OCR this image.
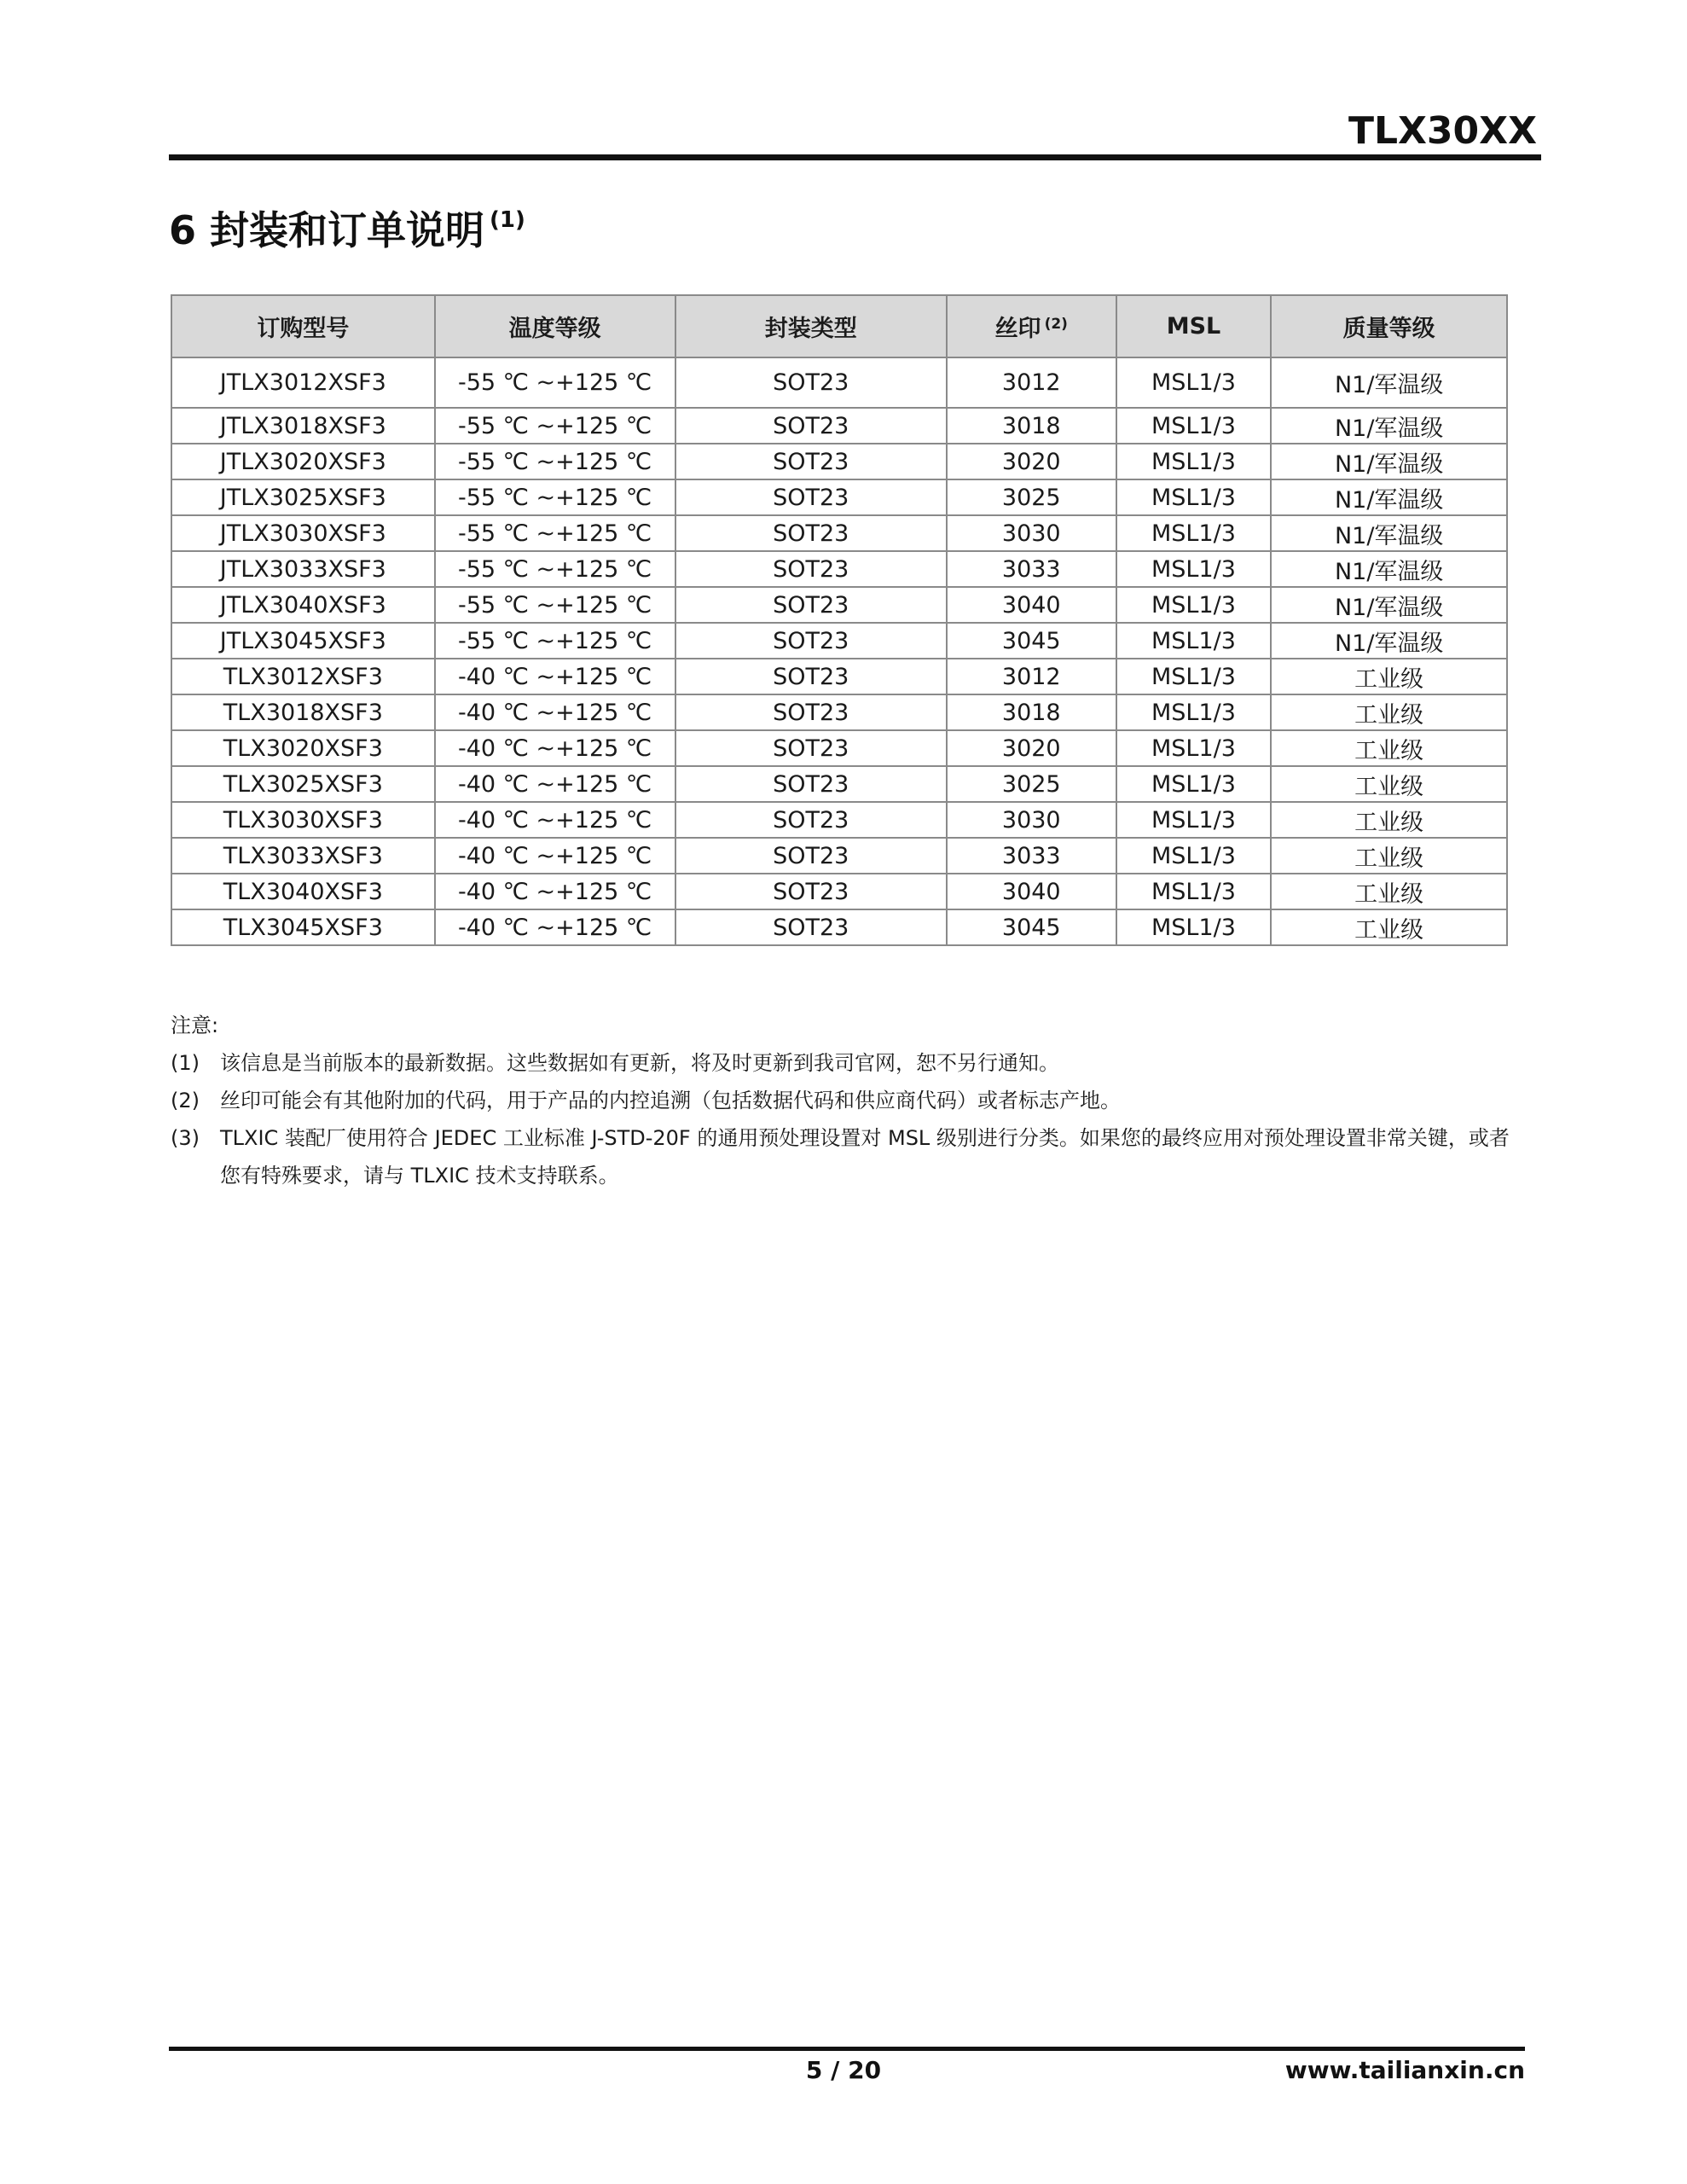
TLX30XX
6 封装和订单说明 $^{(1)}$
订购型号	温度等级	封装类型	丝印 $^{(2)}$	MSL	质量等级
JTLX3012XSF3	-55 ℃ ~+125 ℃	SOT23	3012	MSL1/3	N1/军温级
JTLX3018XSF3	-55 ℃ ~+125 ℃	SOT23	3018	MSL1/3	N1/军温级
JTLX3020XSF3	-55 ℃ ~+125 ℃	SOT23	3020	MSL1/3	N1/军温级
JTLX3025XSF3	-55 ℃ ~+125 ℃	SOT23	3025	MSL1/3	N1/军温级
JTLX3030XSF3	-55 ℃ ~+125 ℃	SOT23	3030	MSL1/3	N1/军温级
JTLX3033XSF3	-55 ℃ ~+125 ℃	SOT23	3033	MSL1/3	N1/军温级
JTLX3040XSF3	-55 ℃ ~+125 ℃	SOT23	3040	MSL1/3	N1/军温级
JTLX3045XSF3	-55 ℃ ~+125 ℃	SOT23	3045	MSL1/3	N1/军温级
TLX3012XSF3	-40 ℃ ~+125 ℃	SOT23	3012	MSL1/3	工业级
TLX3018XSF3	-40 ℃ ~+125 ℃	SOT23	3018	MSL1/3	工业级
TLX3020XSF3	-40 ℃ ~+125 ℃	SOT23	3020	MSL1/3	工业级
TLX3025XSF3	-40 ℃ ~+125 ℃	SOT23	3025	MSL1/3	工业级
TLX3030XSF3	-40 ℃ ~+125 ℃	SOT23	3030	MSL1/3	工业级
TLX3033XSF3	-40 ℃ ~+125 ℃	SOT23	3033	MSL1/3	工业级
TLX3040XSF3	-40 ℃ ~+125 ℃	SOT23	3040	MSL1/3	工业级
TLX3045XSF3	-40 ℃ ~+125 ℃	SOT23	3045	MSL1/3	工业级
注意:
(1) 该信息是当前版本的最新数据。这些数据如有更新，将及时更新到我司官网，恕不另行通知。
(2) 丝印可能会有其他附加的代码，用于产品的内控追溯（包括数据代码和供应商代码）或者标志产地。
(3) TLXIC 装配厂使用符合 JEDEC 工业标准 J-STD-20F 的通用预处理设置对 MSL 级别进行分类。如果您的最终应用对预处理设置非常关键，或者您有特殊要求，请与 TLXIC 技术支持联系。
5 / 20	www.tailianxin.cn
